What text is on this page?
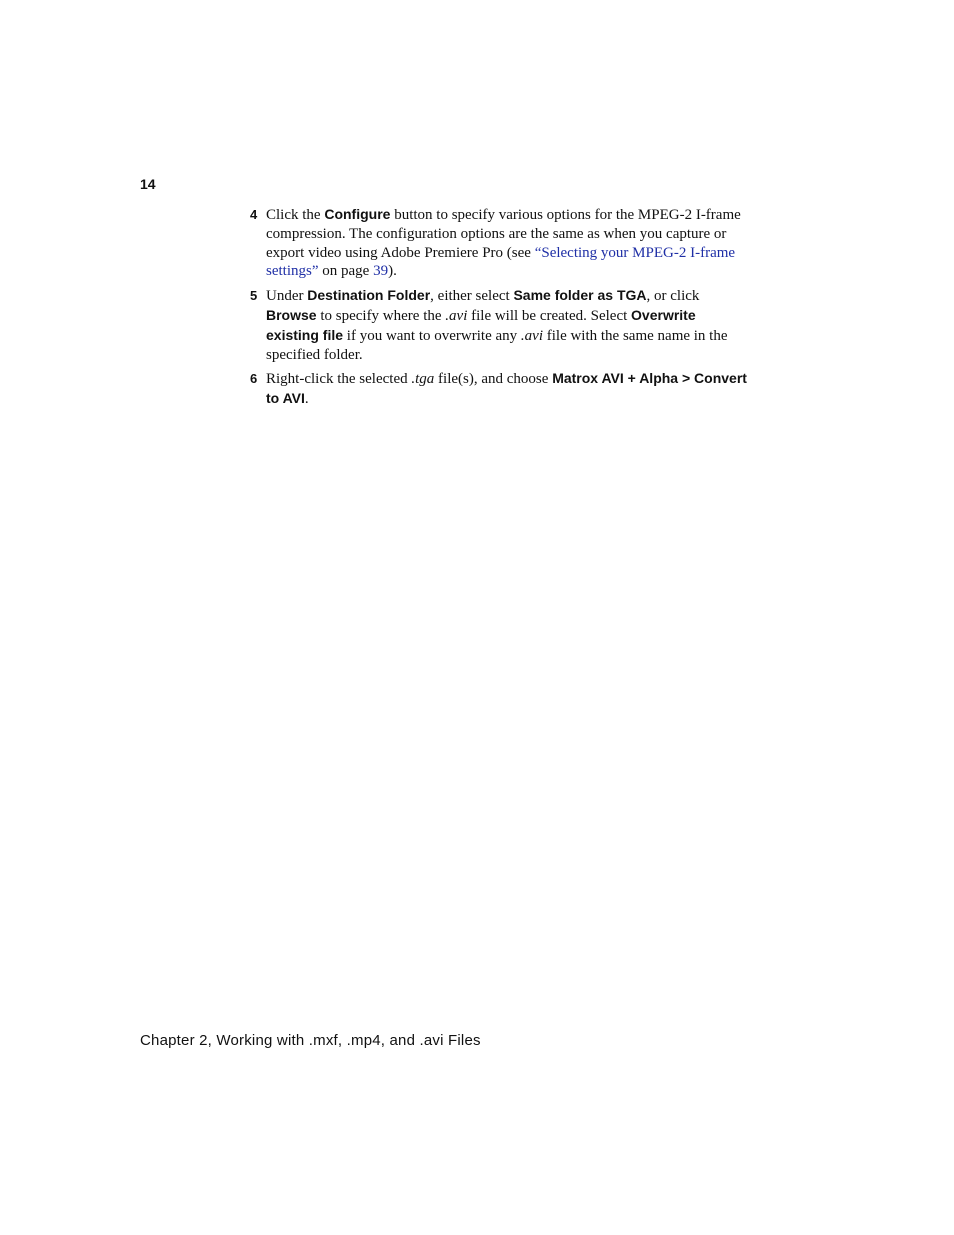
14
4 Click the Configure button to specify various options for the MPEG-2 I-frame compression. The configuration options are the same as when you capture or export video using Adobe Premiere Pro (see “Selecting your MPEG-2 I-frame settings” on page 39).
5 Under Destination Folder, either select Same folder as TGA, or click Browse to specify where the .avi file will be created. Select Overwrite existing file if you want to overwrite any .avi file with the same name in the specified folder.
6 Right-click the selected .tga file(s), and choose Matrox AVI + Alpha > Convert to AVI.
Chapter 2, Working with .mxf, .mp4, and .avi Files
